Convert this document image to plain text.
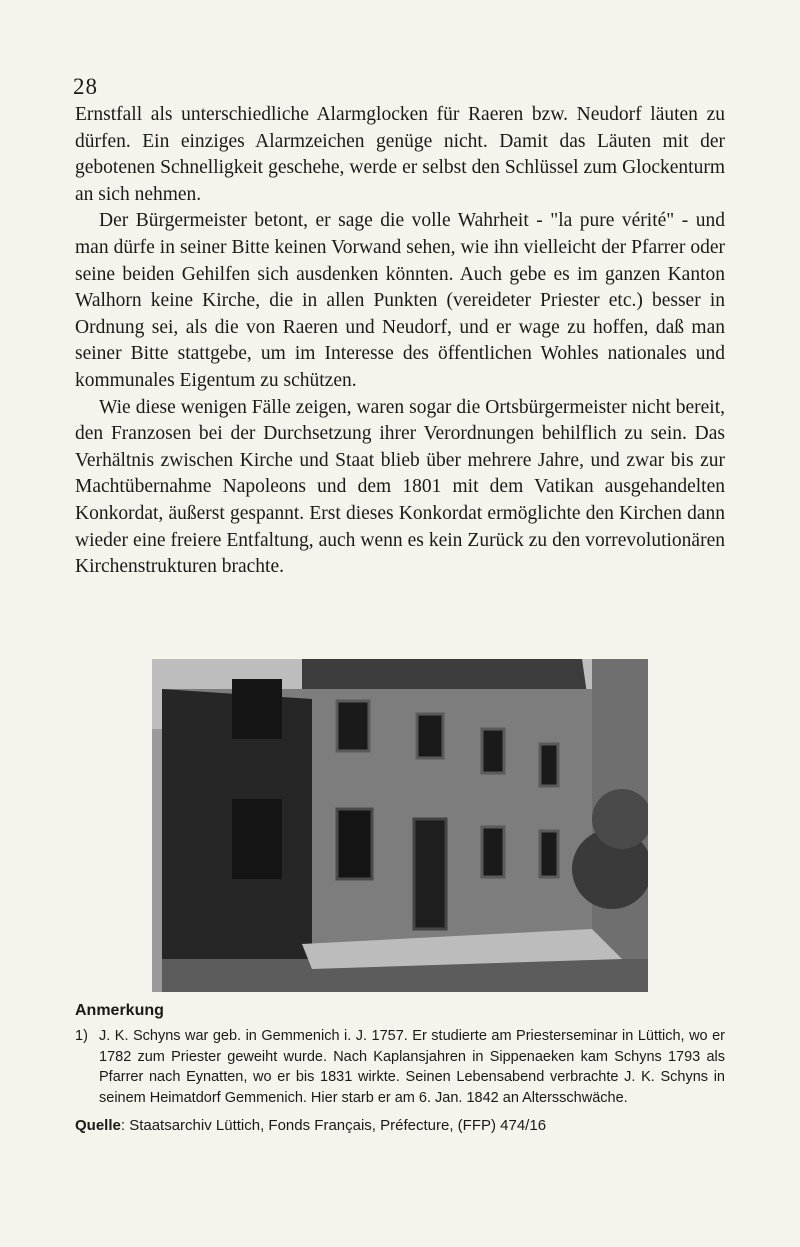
28

Ernstfall als unterschiedliche Alarmglocken für Raeren bzw. Neudorf läuten zu dürfen. Ein einziges Alarmzeichen genüge nicht. Damit das Läuten mit der gebotenen Schnelligkeit geschehe, werde er selbst den Schlüssel zum Glockenturm an sich nehmen.

Der Bürgermeister betont, er sage die volle Wahrheit - "la pure vérité" - und man dürfe in seiner Bitte keinen Vorwand sehen, wie ihn vielleicht der Pfarrer oder seine beiden Gehilfen sich ausdenken könnten. Auch gebe es im ganzen Kanton Walhorn keine Kirche, die in allen Punkten (vereideter Priester etc.) besser in Ordnung sei, als die von Raeren und Neudorf, und er wage zu hoffen, daß man seiner Bitte stattgebe, um im Interesse des öffentlichen Wohles nationales und kommunales Eigentum zu schützen.

Wie diese wenigen Fälle zeigen, waren sogar die Ortsbürgermeister nicht bereit, den Franzosen bei der Durchsetzung ihrer Verordnungen behilflich zu sein. Das Verhältnis zwischen Kirche und Staat blieb über mehrere Jahre, und zwar bis zur Machtübernahme Napoleons und dem 1801 mit dem Vatikan ausgehandelten Konkordat, äußerst gespannt. Erst dieses Konkordat ermöglichte den Kirchen dann wieder eine freiere Entfaltung, auch wenn es kein Zurück zu den vorrevolutionären Kirchenstrukturen brachte.

Anmerkung
1) J. K. Schyns war geb. in Gemmenich i. J. 1757. Er studierte am Priesterseminar in Lüttich, wo er 1782 zum Priester geweiht wurde. Nach Kaplansjahren in Sippenaeken kam Schyns 1793 als Pfarrer nach Eynatten, wo er bis 1831 wirkte. Seinen Lebensabend verbrachte J. K. Schyns in seinem Heimatdorf Gemmenich. Hier starb er am 6. Jan. 1842 an Altersschwäche.
Quelle: Staatsarchiv Lüttich, Fonds Français, Préfecture, (FFP) 474/16
